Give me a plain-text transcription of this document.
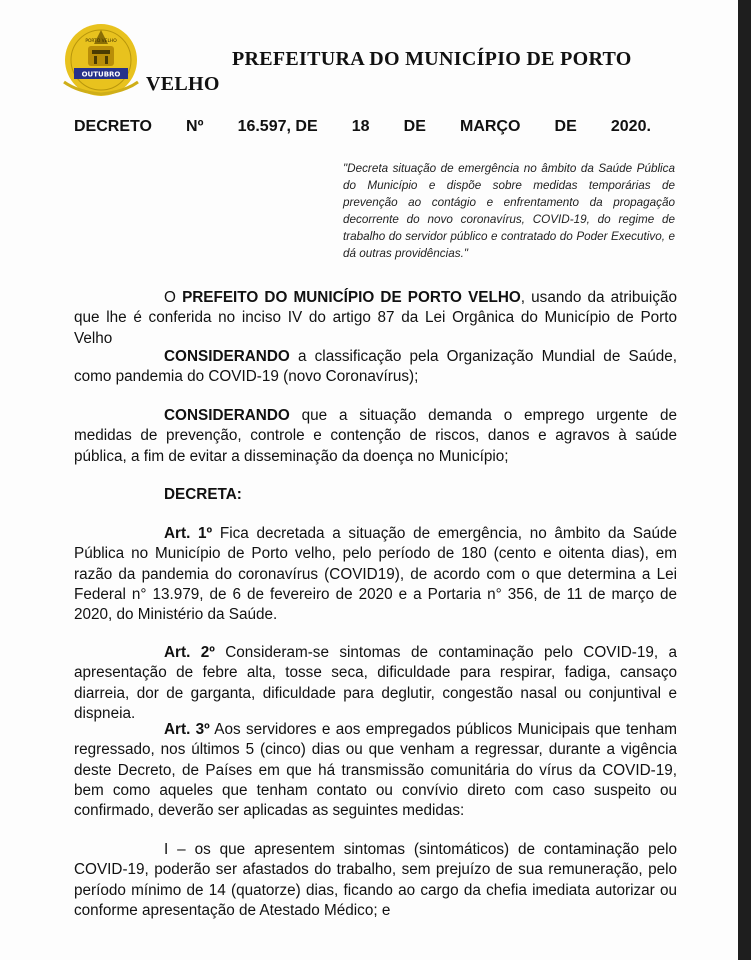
OUTUBRO
PORTO VELHO
PREFEITURA DO MUNICÍPIO DE PORTO
VELHO
DECRETO Nº 16.597, DE 18 DE MARÇO DE 2020.
"Decreta situação de emergência no âmbito da Saúde Pública do Município e dispõe sobre medidas temporárias de prevenção ao contágio e enfrentamento da propagação decorrente do novo coronavírus, COVID-19, do regime de trabalho do servidor público e contratado do Poder Executivo, e dá outras providências."

O PREFEITO DO MUNICÍPIO DE PORTO VELHO, usando da atribuição que lhe é conferida no inciso IV do artigo 87 da Lei Orgânica do Município de Porto Velho

CONSIDERANDO a classificação pela Organização Mundial de Saúde, como pandemia do COVID-19 (novo Coronavírus);

CONSIDERANDO que a situação demanda o emprego urgente de medidas de prevenção, controle e contenção de riscos, danos e agravos à saúde pública, a fim de evitar a disseminação da doença no Município;

DECRETA:

Art. 1º Fica decretada a situação de emergência, no âmbito da Saúde Pública no Município de Porto velho, pelo período de 180 (cento e oitenta dias), em razão da pandemia do coronavírus (COVID19), de acordo com o que determina a Lei Federal n° 13.979, de 6 de fevereiro de 2020 e a Portaria n° 356, de 11 de março de 2020, do Ministério da Saúde.

Art. 2º Consideram-se sintomas de contaminação pelo COVID-19, a apresentação de febre alta, tosse seca, dificuldade para respirar, fadiga, cansaço diarreia, dor de garganta, dificuldade para deglutir, congestão nasal ou conjuntival e dispneia.

Art. 3º Aos servidores e aos empregados públicos Municipais que tenham regressado, nos últimos 5 (cinco) dias ou que venham a regressar, durante a vigência deste Decreto, de Países em que há transmissão comunitária do vírus da COVID-19, bem como aqueles que tenham contato ou convívio direto com caso suspeito ou confirmado, deverão ser aplicadas as seguintes medidas:

I – os que apresentem sintomas (sintomáticos) de contaminação pelo COVID-19, poderão ser afastados do trabalho, sem prejuízo de sua remuneração, pelo período mínimo de 14 (quatorze) dias, ficando ao cargo da chefia imediata autorizar ou conforme apresentação de Atestado Médico; e
